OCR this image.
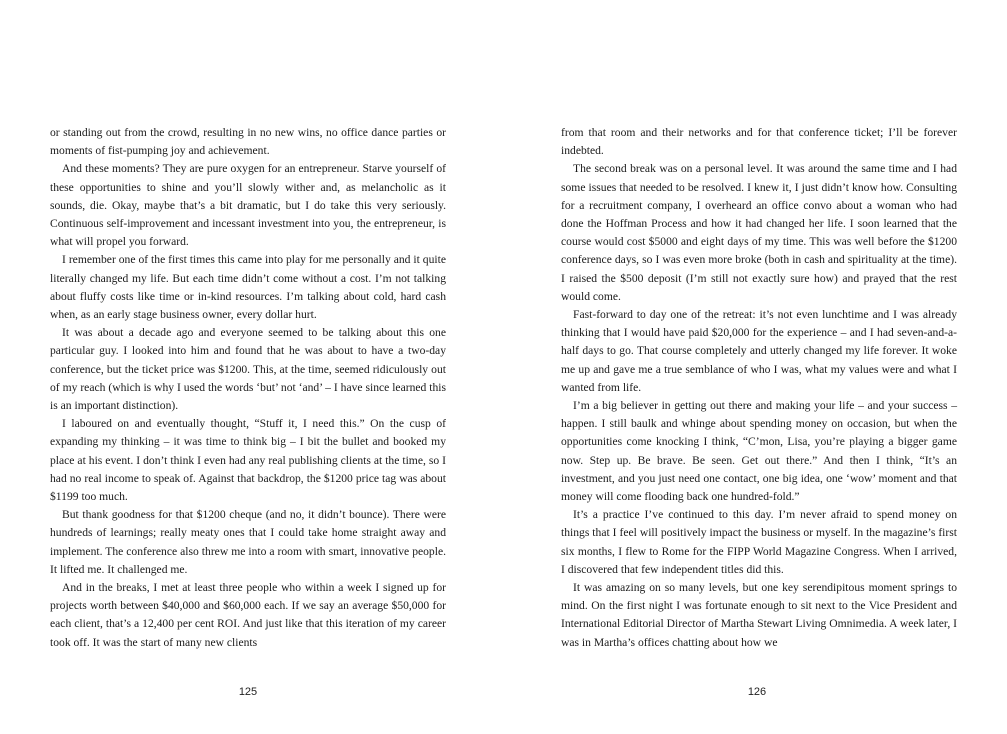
or standing out from the crowd, resulting in no new wins, no office dance parties or moments of fist-pumping joy and achievement.

And these moments? They are pure oxygen for an entrepreneur. Starve yourself of these opportunities to shine and you’ll slowly wither and, as melancholic as it sounds, die. Okay, maybe that’s a bit dramatic, but I do take this very seriously. Continuous self-improvement and incessant investment into you, the entrepreneur, is what will propel you forward.

I remember one of the first times this came into play for me personally and it quite literally changed my life. But each time didn’t come without a cost. I’m not talking about fluffy costs like time or in-kind resources. I’m talking about cold, hard cash when, as an early stage business owner, every dollar hurt.

It was about a decade ago and everyone seemed to be talking about this one particular guy. I looked into him and found that he was about to have a two-day conference, but the ticket price was $1200. This, at the time, seemed ridiculously out of my reach (which is why I used the words ‘but’ not ‘and’ – I have since learned this is an important distinction).

I laboured on and eventually thought, “Stuff it, I need this.” On the cusp of expanding my thinking – it was time to think big – I bit the bullet and booked my place at his event. I don’t think I even had any real publishing clients at the time, so I had no real income to speak of. Against that backdrop, the $1200 price tag was about $1199 too much.

But thank goodness for that $1200 cheque (and no, it didn’t bounce). There were hundreds of learnings; really meaty ones that I could take home straight away and implement. The conference also threw me into a room with smart, innovative people. It lifted me. It challenged me.

And in the breaks, I met at least three people who within a week I signed up for projects worth between $40,000 and $60,000 each. If we say an average $50,000 for each client, that’s a 12,400 per cent ROI. And just like that this iteration of my career took off. It was the start of many new clients

125

from that room and their networks and for that conference ticket; I’ll be forever indebted.

The second break was on a personal level. It was around the same time and I had some issues that needed to be resolved. I knew it, I just didn’t know how. Consulting for a recruitment company, I overheard an office convo about a woman who had done the Hoffman Process and how it had changed her life. I soon learned that the course would cost $5000 and eight days of my time. This was well before the $1200 conference days, so I was even more broke (both in cash and spirituality at the time). I raised the $500 deposit (I’m still not exactly sure how) and prayed that the rest would come.

Fast-forward to day one of the retreat: it’s not even lunchtime and I was already thinking that I would have paid $20,000 for the experience – and I had seven-and-a-half days to go. That course completely and utterly changed my life forever. It woke me up and gave me a true semblance of who I was, what my values were and what I wanted from life.

I’m a big believer in getting out there and making your life – and your success – happen. I still baulk and whinge about spending money on occasion, but when the opportunities come knocking I think, “C’mon, Lisa, you’re playing a bigger game now. Step up. Be brave. Be seen. Get out there.” And then I think, “It’s an investment, and you just need one contact, one big idea, one ‘wow’ moment and that money will come flooding back one hundred-fold.”

It’s a practice I’ve continued to this day. I’m never afraid to spend money on things that I feel will positively impact the business or myself. In the magazine’s first six months, I flew to Rome for the FIPP World Magazine Congress. When I arrived, I discovered that few independent titles did this.

It was amazing on so many levels, but one key serendipitous moment springs to mind. On the first night I was fortunate enough to sit next to the Vice President and International Editorial Director of Martha Stewart Living Omnimedia. A week later, I was in Martha’s offices chatting about how we

126
